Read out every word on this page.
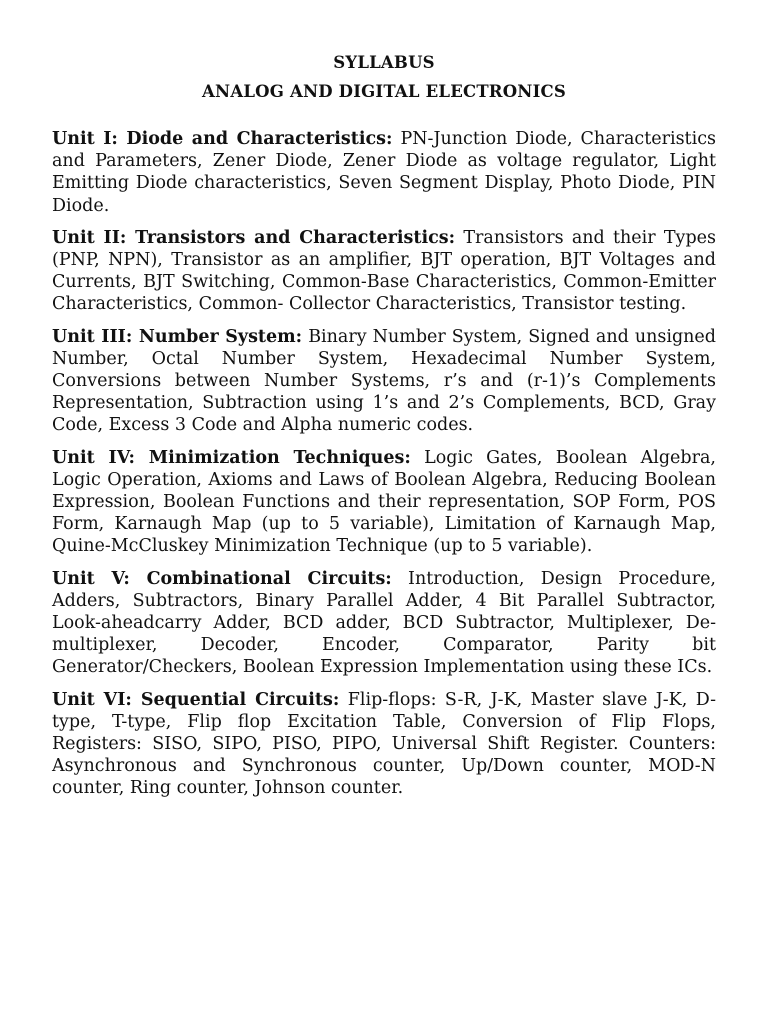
SYLLABUS
ANALOG AND DIGITAL ELECTRONICS

Unit I: Diode and Characteristics: PN-Junction Diode, Characteristics and Parameters, Zener Diode, Zener Diode as voltage regulator, Light Emitting Diode characteristics, Seven Segment Display, Photo Diode, PIN Diode.

Unit II: Transistors and Characteristics: Transistors and their Types (PNP, NPN), Transistor as an amplifier, BJT operation, BJT Voltages and Currents, BJT Switching, Common-Base Characteristics, Common-Emitter Characteristics, Common- Collector Characteristics, Transistor testing.

Unit III: Number System: Binary Number System, Signed and unsigned Number, Octal Number System, Hexadecimal Number System, Conversions between Number Systems, r’s and (r-1)’s Complements Representation, Subtraction using 1’s and 2’s Complements, BCD, Gray Code, Excess 3 Code and Alpha numeric codes.

Unit IV: Minimization Techniques: Logic Gates, Boolean Algebra, Logic Operation, Axioms and Laws of Boolean Algebra, Reducing Boolean Expression, Boolean Functions and their representation, SOP Form, POS Form, Karnaugh Map (up to 5 variable), Limitation of Karnaugh Map, Quine-McCluskey Minimization Technique (up to 5 variable).

Unit V: Combinational Circuits: Introduction, Design Procedure, Adders, Subtractors, Binary Parallel Adder, 4 Bit Parallel Subtractor, Look-aheadcarry Adder, BCD adder, BCD Subtractor, Multiplexer, De-multiplexer, Decoder, Encoder, Comparator, Parity bit Generator/Checkers, Boolean Expression Implementation using these ICs.

Unit VI: Sequential Circuits: Flip-flops: S-R, J-K, Master slave J-K, D-type, T-type, Flip flop Excitation Table, Conversion of Flip Flops, Registers: SISO, SIPO, PISO, PIPO, Universal Shift Register. Counters: Asynchronous and Synchronous counter, Up/Down counter, MOD-N counter, Ring counter, Johnson counter.
